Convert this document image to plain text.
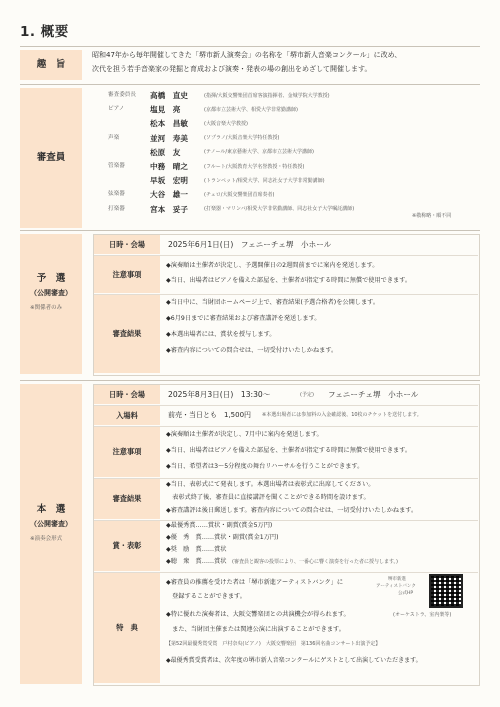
1. 概要
趣　旨
昭和47年から毎年開催してきた「堺市新人演奏会」の名称を「堺市新人音楽コンクール」に改め、
次代を担う若手音楽家の発掘と育成および演奏・発表の場の創出をめざして開催します。
審査員
審査委員長 高橋　直史	(指揮/大阪交響楽団首席客演指揮者、金城学院大学教授)
ピアノ	塩見　亮	(京都市立芸術大学、相愛大学非常勤講師)
松本　昌敏	(大阪音楽大学教授)
声楽	並河　寿美	(ソプラノ/大阪音楽大学特任教授)
松原　友	(テノール/東京藝術大学、京都市立芸術大学講師)
管楽器	中務　晴之	(フルート/大阪教育大学名誉教授・特任教授)
早坂　宏明	(トランペット/相愛大学、同志社女子大学非常勤講師)
弦楽器	大谷　雄一	(チェロ/大阪交響楽団首席奏者)
打楽器	宮本　妥子	(打楽器・マリンバ/相愛大学非常勤講師、同志社女子大学嘱託講師)
※敬称略・順不同
予　選
（公開審査）
※関係者のみ
日時・会場	2025年6月1日(日)　フェニーチェ堺　小ホール
注意事項
◆演奏順は主催者が決定し、予選開催日の2週間前までに案内を発送します。
◆当日、出場者はピアノを備えた部屋を、主催者が指定する時間に無償で使用できます。
審査結果
◆当日中に、当財団ホームページ上で、審査結果(予選合格者)を公開します。
◆6月9日までに審査結果および審査講評を発送します。
◆本選出場者には、賞状を授与します。
◆審査内容についての問合せは、一切受付けいたしかねます。
本　選
（公開審査）
※演奏会形式
日時・会場	2025年8月3日(日)　13:30～	(予定) フェニーチェ堺　小ホール
入場料	前売・当日とも　1,500円 ※本選出場者には参加料の入金確認後、10枚のチケットを送付します。
注意事項
◆演奏順は主催者が決定し、7月中に案内を発送します。
◆当日、出場者はピアノを備えた部屋を、主催者が指定する時間に無償で使用できます。
◆当日、希望者は3～5分程度の舞台リハーサルを行うことができます。
審査結果
◆当日、表彰式にて発表します。本選出場者は表彰式に出席してください。
　表彰式終了後、審査員に直接講評を聞くことができる時間を設けます。
◆審査講評は後日郵送します。審査内容についての問合せは、一切受付けいたしかねます。
賞・表彰
◆最優秀賞……賞状・副賞(賞金5万円)
◆優　秀　賞……賞状・副賞(賞金1万円)
◆奨　励　賞……賞状
◆聴　衆　賞……賞状 (審査員と観客の投票により、一番心に響く演奏を行った者に授与します。)
特　典
◆審査員の推薦を受けた者は「堺市新進アーティストバンク」に
　登録することができます。
◆特に優れた演奏者は、大阪交響楽団との共演機会が得られます。	(オーケストラ、室内楽等)
　また、当財団主催または関連公演に出演することができます。
【第52回最優秀賞受賞　戸村奈央(ピアノ)　大阪交響楽団　第136回名曲コンサート出演予定】
◆最優秀賞受賞者は、次年度の堺市新人音楽コンクールにゲストとして出演していただきます。
堺市新進
アーティストバンク
公式HP
